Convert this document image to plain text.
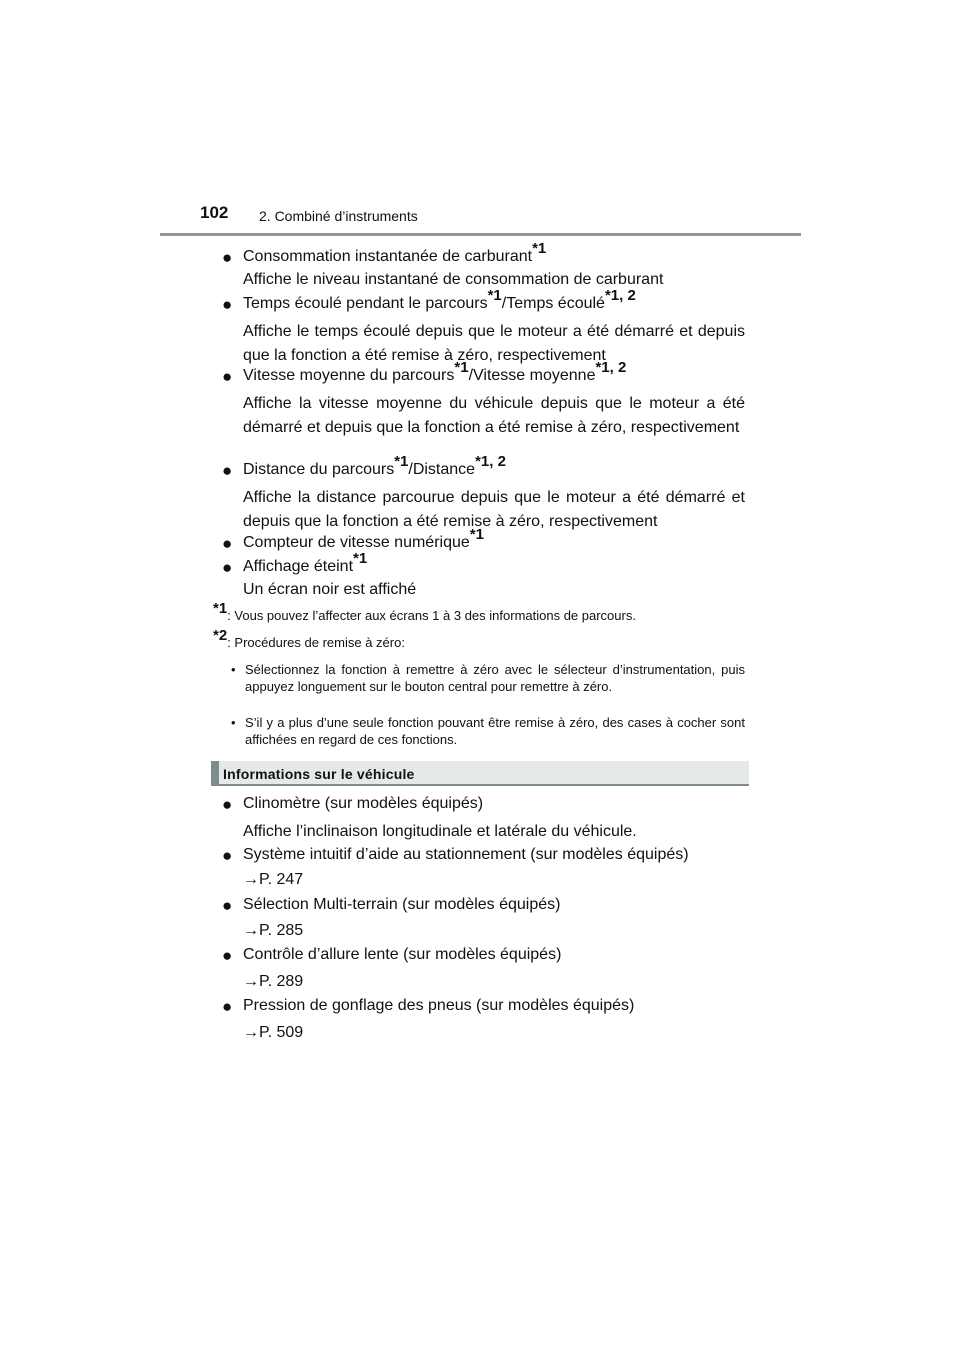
102 2. Combiné d’instruments
● Consommation instantanée de carburant$^{*1}$
Affiche le niveau instantané de consommation de carburant
● Temps écoulé pendant le parcours$^{*1}$/Temps écoulé$^{*1, 2}$
Affiche le temps écoulé depuis que le moteur a été démarré et depuis que la fonction a été remise à zéro, respectivement
● Vitesse moyenne du parcours$^{*1}$/Vitesse moyenne$^{*1, 2}$
Affiche la vitesse moyenne du véhicule depuis que le moteur a été démarré et depuis que la fonction a été remise à zéro, respectivement
● Distance du parcours$^{*1}$/Distance$^{*1, 2}$
Affiche la distance parcourue depuis que le moteur a été démarré et depuis que la fonction a été remise à zéro, respectivement
● Compteur de vitesse numérique$^{*1}$
● Affichage éteint$^{*1}$
Un écran noir est affiché
$^{*1}$: Vous pouvez l’affecter aux écrans 1 à 3 des informations de parcours.
$^{*2}$: Procédures de remise à zéro:
• Sélectionnez la fonction à remettre à zéro avec le sélecteur d’instrumentation, puis appuyez longuement sur le bouton central pour remettre à zéro.
• S’il y a plus d’une seule fonction pouvant être remise à zéro, des cases à cocher sont affichées en regard de ces fonctions.
Informations sur le véhicule
● Clinomètre (sur modèles équipés)
Affiche l’inclinaison longitudinale et latérale du véhicule.
● Système intuitif d’aide au stationnement (sur modèles équipés)
→P. 247
● Sélection Multi-terrain (sur modèles équipés)
→P. 285
● Contrôle d’allure lente (sur modèles équipés)
→P. 289
● Pression de gonflage des pneus (sur modèles équipés)
→P. 509
